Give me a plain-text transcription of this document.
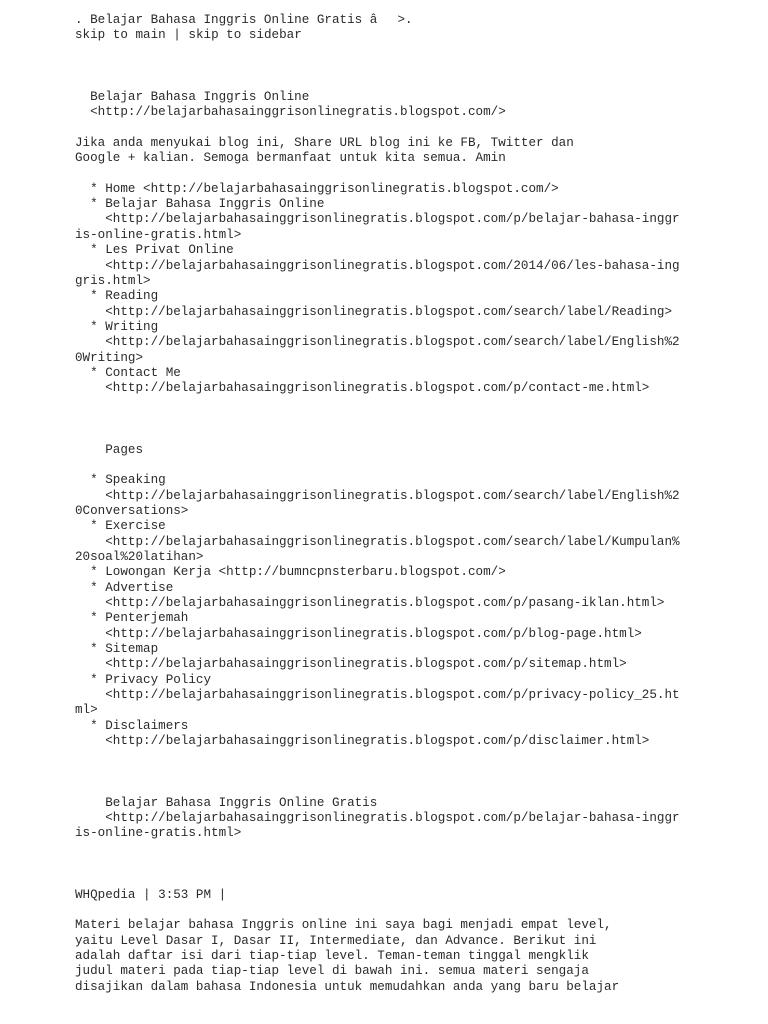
. Belajar Bahasa Inggris Online Gratis â>.
skip to main | skip to sidebar
Belajar Bahasa Inggris Online
<http://belajarbahasainggrisonlinegratis.blogspot.com/>
Jika anda menyukai blog ini, Share URL blog ini ke FB, Twitter dan
Google + kalian. Semoga bermanfaat untuk kita semua. Amin
* Home <http://belajarbahasainggrisonlinegratis.blogspot.com/>
* Belajar Bahasa Inggris Online
<http://belajarbahasainggrisonlinegratis.blogspot.com/p/belajar-bahasa-inggr
is-online-gratis.html>
* Les Privat Online
<http://belajarbahasainggrisonlinegratis.blogspot.com/2014/06/les-bahasa-ing
gris.html>
* Reading
<http://belajarbahasainggrisonlinegratis.blogspot.com/search/label/Reading>
* Writing
<http://belajarbahasainggrisonlinegratis.blogspot.com/search/label/English%2
0Writing>
* Contact Me
<http://belajarbahasainggrisonlinegratis.blogspot.com/p/contact-me.html>
Pages
* Speaking
<http://belajarbahasainggrisonlinegratis.blogspot.com/search/label/English%2
0Conversations>
* Exercise
<http://belajarbahasainggrisonlinegratis.blogspot.com/search/label/Kumpulan%
20soal%20latihan>
* Lowongan Kerja <http://bumncpnsterbaru.blogspot.com/>
* Advertise
<http://belajarbahasainggrisonlinegratis.blogspot.com/p/pasang-iklan.html>
* Penterjemah
<http://belajarbahasainggrisonlinegratis.blogspot.com/p/blog-page.html>
* Sitemap
<http://belajarbahasainggrisonlinegratis.blogspot.com/p/sitemap.html>
* Privacy Policy
<http://belajarbahasainggrisonlinegratis.blogspot.com/p/privacy-policy_25.ht
ml>
* Disclaimers
<http://belajarbahasainggrisonlinegratis.blogspot.com/p/disclaimer.html>
Belajar Bahasa Inggris Online Gratis
<http://belajarbahasainggrisonlinegratis.blogspot.com/p/belajar-bahasa-inggr
is-online-gratis.html>
WHQpedia | 3:53 PM |
Materi belajar bahasa Inggris online ini saya bagi menjadi empat level,
yaitu Level Dasar I, Dasar II, Intermediate, dan Advance. Berikut ini
adalah daftar isi dari tiap-tiap level. Teman-teman tinggal mengklik
judul materi pada tiap-tiap level di bawah ini. semua materi sengaja
disajikan dalam bahasa Indonesia untuk memudahkan anda yang baru belajar
